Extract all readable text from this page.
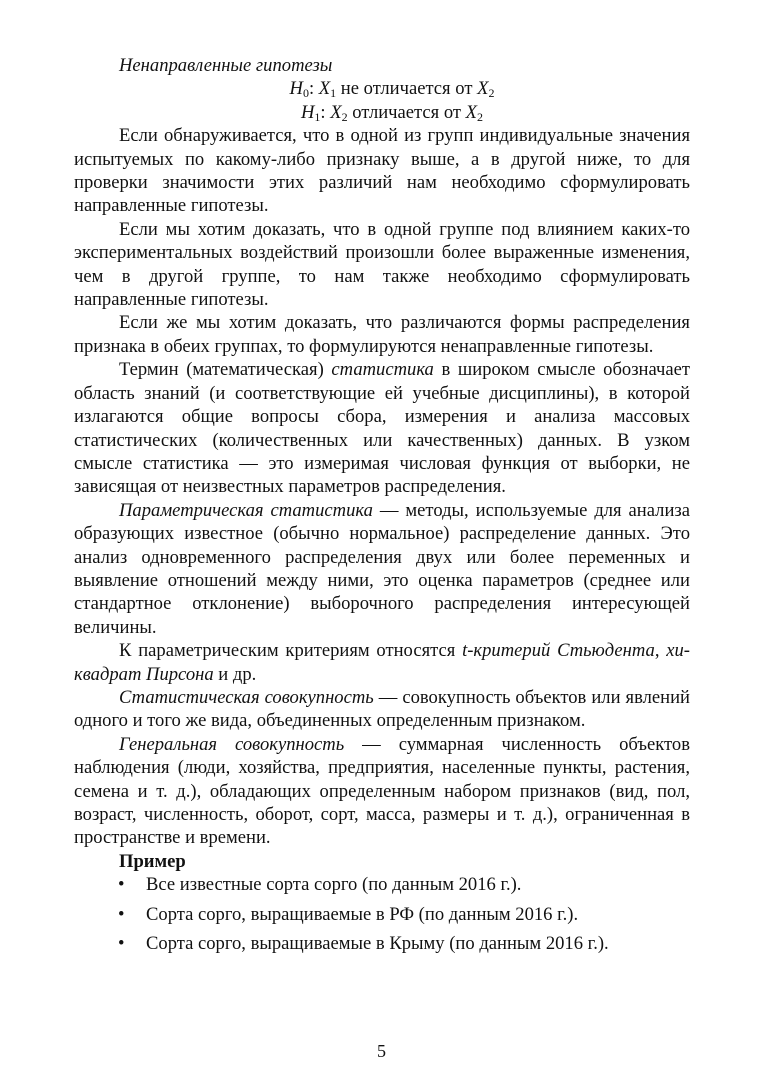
Ненаправленные гипотезы

$H_0$: $X_1$ не отличается от $X_2$

$H_1$: $X_2$ отличается от $X_2$

Если обнаруживается, что в одной из групп индивидуальные значения испытуемых по какому-либо признаку выше, а в другой ниже, то для проверки значимости этих различий нам необходимо сформулировать направленные гипотезы.

Если мы хотим доказать, что в одной группе под влиянием каких-то экспериментальных воздействий произошли более выраженные изменения, чем в другой группе, то нам также необходимо сформулировать направленные гипотезы.

Если же мы хотим доказать, что различаются формы распределения признака в обеих группах, то формулируются ненаправленные гипотезы.

Термин (математическая) статистика в широком смысле обозначает область знаний (и соответствующие ей учебные дисциплины), в которой излагаются общие вопросы сбора, измерения и анализа массовых статистических (количественных или качественных) данных. В узком смысле статистика — это измеримая числовая функция от выборки, не зависящая от неизвестных параметров распределения.

Параметрическая статистика — методы, используемые для анализа образующих известное (обычно нормальное) распределение данных. Это анализ одновременного распределения двух или более переменных и выявление отношений между ними, это оценка параметров (среднее или стандартное отклонение) выборочного распределения интересующей величины.

К параметрическим критериям относятся t-критерий Стьюдента, хи-квадрат Пирсона и др.

Статистическая совокупность — совокупность объектов или явлений одного и того же вида, объединенных определенным признаком.

Генеральная совокупность — суммарная численность объектов наблюдения (люди, хозяйства, предприятия, населенные пункты, растения, семена и т. д.), обладающих определенным набором признаков (вид, пол, возраст, численность, оборот, сорт, масса, размеры и т. д.), ограниченная в пространстве и времени.

Пример

• Все известные сорта сорго (по данным 2016 г.).
• Сорта сорго, выращиваемые в РФ (по данным 2016 г.).
• Сорта сорго, выращиваемые в Крыму (по данным 2016 г.).
5
